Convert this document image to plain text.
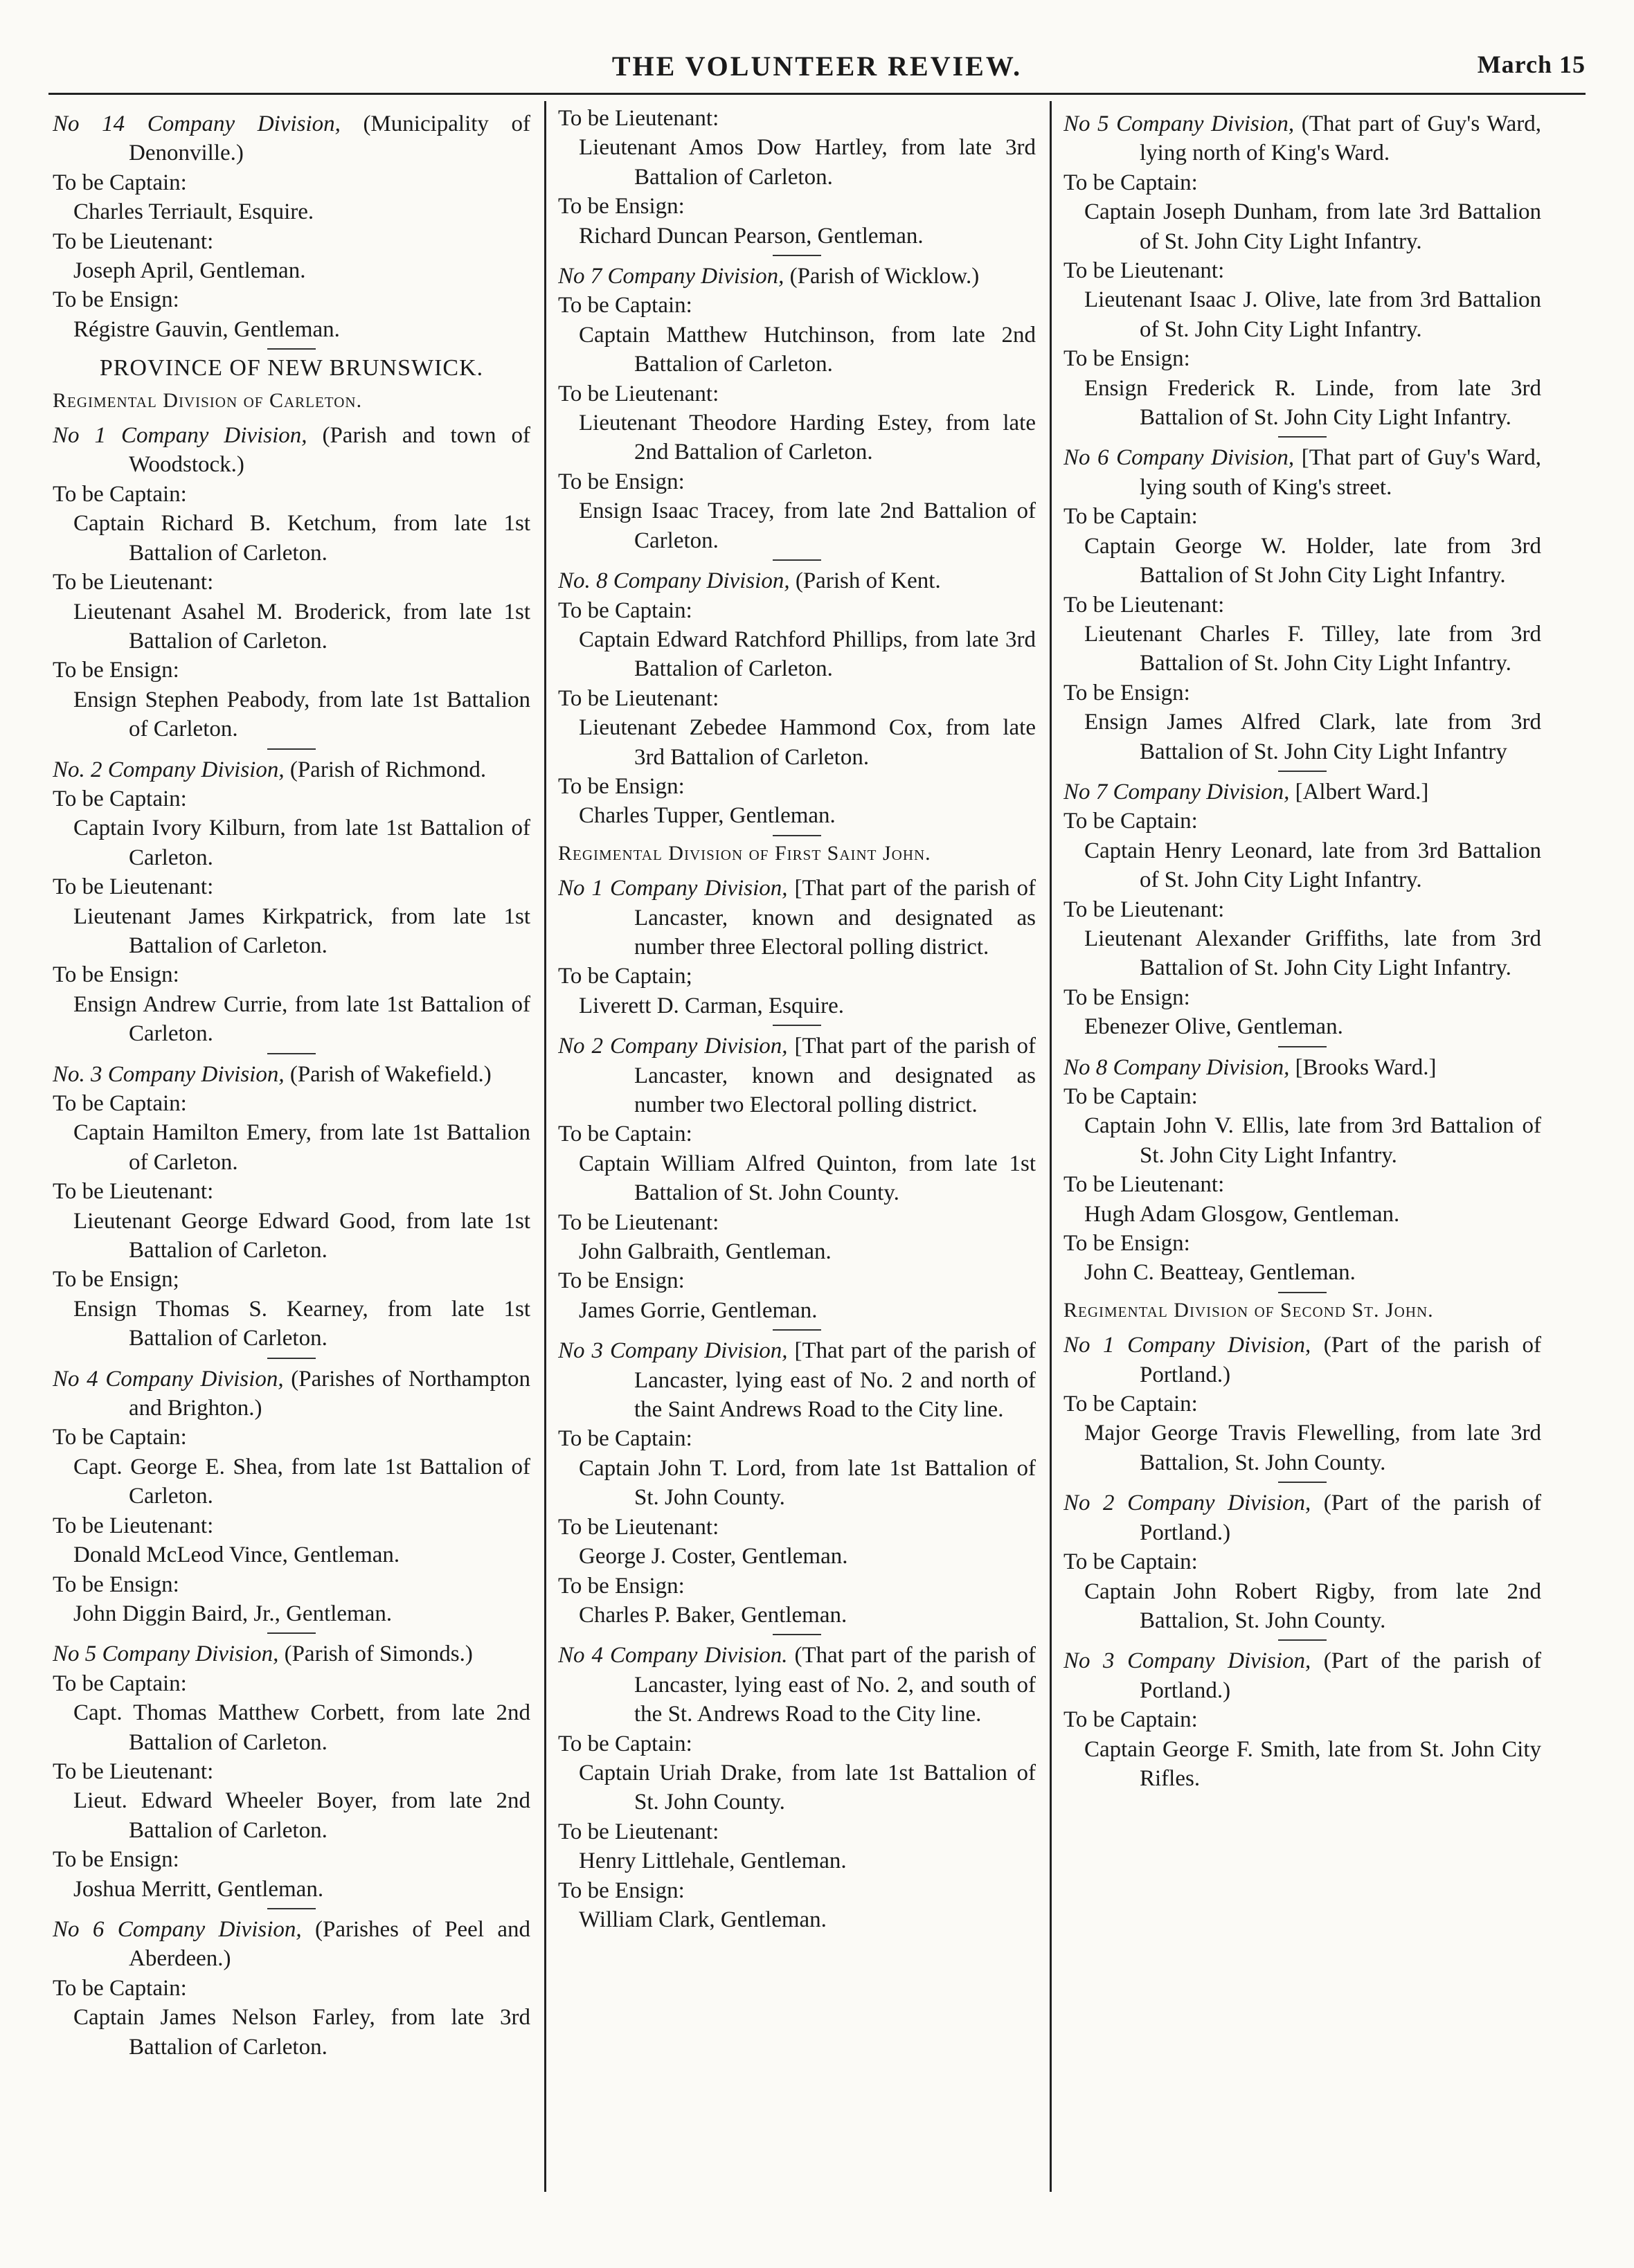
THE VOLUNTEER REVIEW.	March 15
No 14 Company Division, (Municipality of Denonville.)
To be Captain:
Charles Terriault, Esquire.
To be Lieutenant:
Joseph April, Gentleman.
To be Ensign:
Régistre Gauvin, Gentleman.
PROVINCE OF NEW BRUNSWICK.
Regimental Division of Carleton.
No 1 Company Division, (Parish and town of Woodstock.)
To be Captain:
Captain Richard B. Ketchum, from late 1st Battalion of Carleton.
To be Lieutenant:
Lieutenant Asahel M. Broderick, from late 1st Battalion of Carleton.
To be Ensign:
Ensign Stephen Peabody, from late 1st Battalion of Carleton.
No. 2 Company Division, (Parish of Richmond.
To be Captain:
Captain Ivory Kilburn, from late 1st Battalion of Carleton.
To be Lieutenant:
Lieutenant James Kirkpatrick, from late 1st Battalion of Carleton.
To be Ensign:
Ensign Andrew Currie, from late 1st Battalion of Carleton.
No. 3 Company Division, (Parish of Wakefield.)
To be Captain:
Captain Hamilton Emery, from late 1st Battalion of Carleton.
To be Lieutenant:
Lieutenant George Edward Good, from late 1st Battalion of Carleton.
To be Ensign;
Ensign Thomas S. Kearney, from late 1st Battalion of Carleton.
No 4 Company Division, (Parishes of Northampton and Brighton.)
To be Captain:
Capt. George E. Shea, from late 1st Battalion of Carleton.
To be Lieutenant:
Donald McLeod Vince, Gentleman.
To be Ensign:
John Diggin Baird, Jr., Gentleman.
No 5 Company Division, (Parish of Simonds.)
To be Captain:
Capt. Thomas Matthew Corbett, from late 2nd Battalion of Carleton.
To be Lieutenant:
Lieut. Edward Wheeler Boyer, from late 2nd Battalion of Carleton.
To be Ensign:
Joshua Merritt, Gentleman.
No 6 Company Division, (Parishes of Peel and Aberdeen.)
To be Captain:
Captain James Nelson Farley, from late 3rd Battalion of Carleton.
To be Lieutenant:
Lieutenant Amos Dow Hartley, from late 3rd Battalion of Carleton.
To be Ensign:
Richard Duncan Pearson, Gentleman.
No 7 Company Division, (Parish of Wicklow.)
To be Captain:
Captain Matthew Hutchinson, from late 2nd Battalion of Carleton.
To be Lieutenant:
Lieutenant Theodore Harding Estey, from late 2nd Battalion of Carleton.
To be Ensign:
Ensign Isaac Tracey, from late 2nd Battalion of Carleton.
No. 8 Company Division, (Parish of Kent.
To be Captain:
Captain Edward Ratchford Phillips, from late 3rd Battalion of Carleton.
To be Lieutenant:
Lieutenant Zebedee Hammond Cox, from late 3rd Battalion of Carleton.
To be Ensign:
Charles Tupper, Gentleman.
Regimental Division of First Saint John.
No 1 Company Division, [That part of the parish of Lancaster, known and designated as number three Electoral polling district.
To be Captain;
Liverett D. Carman, Esquire.
No 2 Company Division, [That part of the parish of Lancaster, known and designated as number two Electoral polling district.
To be Captain:
Captain William Alfred Quinton, from late 1st Battalion of St. John County.
To be Lieutenant:
John Galbraith, Gentleman.
To be Ensign:
James Gorrie, Gentleman.
No 3 Company Division, [That part of the parish of Lancaster, lying east of No. 2 and north of the Saint Andrews Road to the City line.
To be Captain:
Captain John T. Lord, from late 1st Battalion of St. John County.
To be Lieutenant:
George J. Coster, Gentleman.
To be Ensign:
Charles P. Baker, Gentleman.
No 4 Company Division. (That part of the parish of Lancaster, lying east of No. 2, and south of the St. Andrews Road to the City line.
To be Captain:
Captain Uriah Drake, from late 1st Battalion of St. John County.
To be Lieutenant:
Henry Littlehale, Gentleman.
To be Ensign:
William Clark, Gentleman.
No 5 Company Division, (That part of Guy's Ward, lying north of King's Ward.
To be Captain:
Captain Joseph Dunham, from late 3rd Battalion of St. John City Light Infantry.
To be Lieutenant:
Lieutenant Isaac J. Olive, late from 3rd Battalion of St. John City Light Infantry.
To be Ensign:
Ensign Frederick R. Linde, from late 3rd Battalion of St. John City Light Infantry.
No 6 Company Division, [That part of Guy's Ward, lying south of King's street.
To be Captain:
Captain George W. Holder, late from 3rd Battalion of St John City Light Infantry.
To be Lieutenant:
Lieutenant Charles F. Tilley, late from 3rd Battalion of St. John City Light Infantry.
To be Ensign:
Ensign James Alfred Clark, late from 3rd Battalion of St. John City Light Infantry
No 7 Company Division, [Albert Ward.]
To be Captain:
Captain Henry Leonard, late from 3rd Battalion of St. John City Light Infantry.
To be Lieutenant:
Lieutenant Alexander Griffiths, late from 3rd Battalion of St. John City Light Infantry.
To be Ensign:
Ebenezer Olive, Gentleman.
No 8 Company Division, [Brooks Ward.]
To be Captain:
Captain John V. Ellis, late from 3rd Battalion of St. John City Light Infantry.
To be Lieutenant:
Hugh Adam Glosgow, Gentleman.
To be Ensign:
John C. Beatteay, Gentleman.
Regimental Division of Second St. John.
No 1 Company Division, (Part of the parish of Portland.)
To be Captain:
Major George Travis Flewelling, from late 3rd Battalion, St. John County.
No 2 Company Division, (Part of the parish of Portland.)
To be Captain:
Captain John Robert Rigby, from late 2nd Battalion, St. John County.
No 3 Company Division, (Part of the parish of Portland.)
To be Captain:
Captain George F. Smith, late from St. John City Rifles.
